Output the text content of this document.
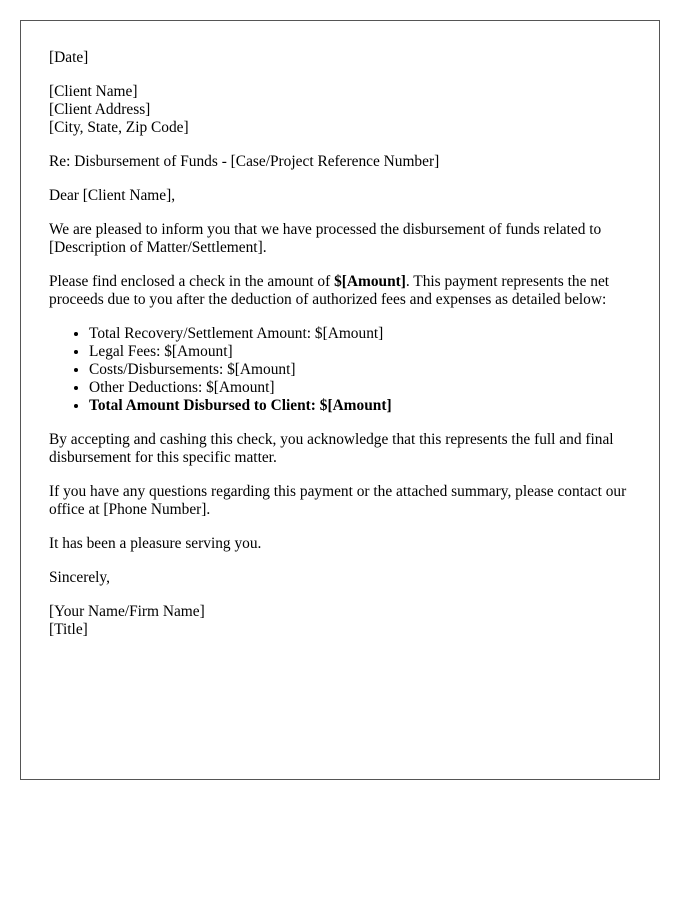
[Date]

[Client Name]
[Client Address]
[City, State, Zip Code]

Re: Disbursement of Funds - [Case/Project Reference Number]

Dear [Client Name],

We are pleased to inform you that we have processed the disbursement of funds related to [Description of Matter/Settlement].

Please find enclosed a check in the amount of $[Amount]. This payment represents the net proceeds due to you after the deduction of authorized fees and expenses as detailed below:

• Total Recovery/Settlement Amount: $[Amount]
• Legal Fees: $[Amount]
• Costs/Disbursements: $[Amount]
• Other Deductions: $[Amount]
• Total Amount Disbursed to Client: $[Amount]

By accepting and cashing this check, you acknowledge that this represents the full and final disbursement for this specific matter.

If you have any questions regarding this payment or the attached summary, please contact our office at [Phone Number].

It has been a pleasure serving you.

Sincerely,

[Your Name/Firm Name]
[Title]
